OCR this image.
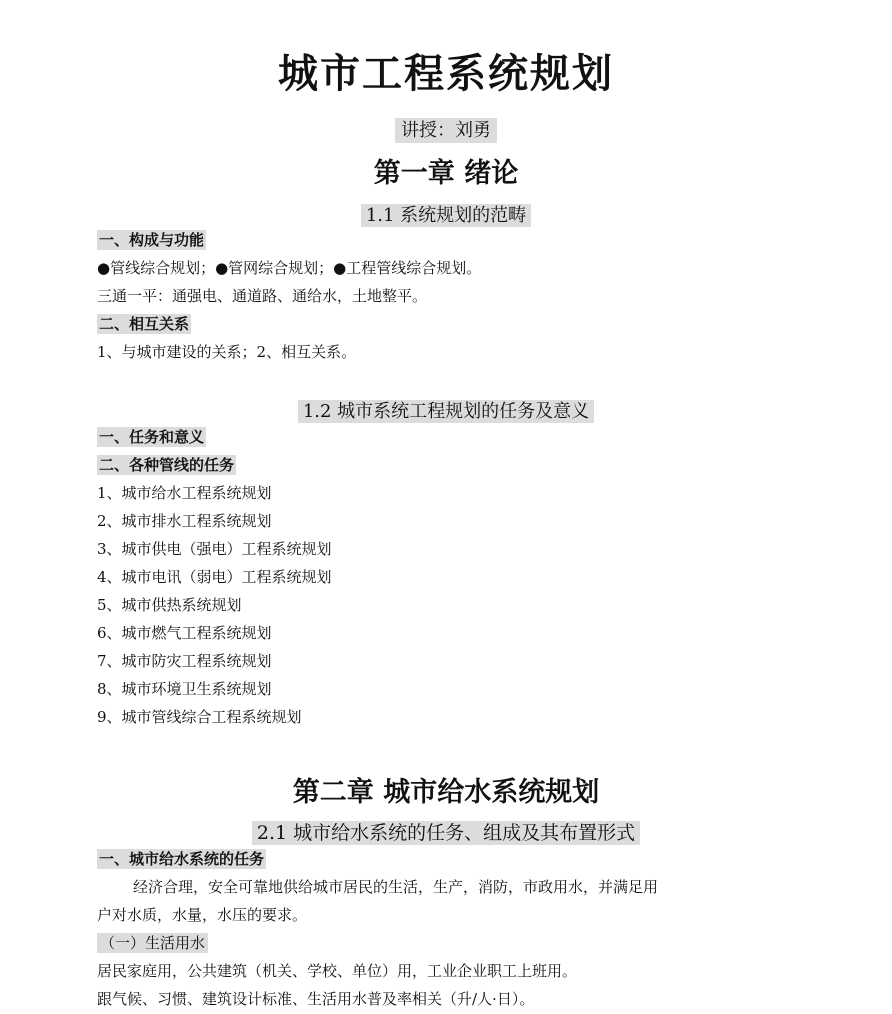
城市工程系统规划
讲授：刘勇
第一章 绪论
1.1 系统规划的范畴
一、构成与功能
●管线综合规划；●管网综合规划；●工程管线综合规划。
三通一平：通强电、通道路、通给水，土地整平。
二、相互关系
1、与城市建设的关系；2、相互关系。
1.2 城市系统工程规划的任务及意义
一、任务和意义
二、各种管线的任务
1、城市给水工程系统规划
2、城市排水工程系统规划
3、城市供电（强电）工程系统规划
4、城市电讯（弱电）工程系统规划
5、城市供热系统规划
6、城市燃气工程系统规划
7、城市防灾工程系统规划
8、城市环境卫生系统规划
9、城市管线综合工程系统规划
第二章 城市给水系统规划
2.1 城市给水系统的任务、组成及其布置形式
一、城市给水系统的任务
经济合理，安全可靠地供给城市居民的生活，生产，消防，市政用水，并满足用
户对水质，水量，水压的要求。
（一）生活用水
居民家庭用，公共建筑（机关、学校、单位）用，工业企业职工上班用。
跟气候、习惯、建筑设计标准、生活用水普及率相关（升/人·日）。
